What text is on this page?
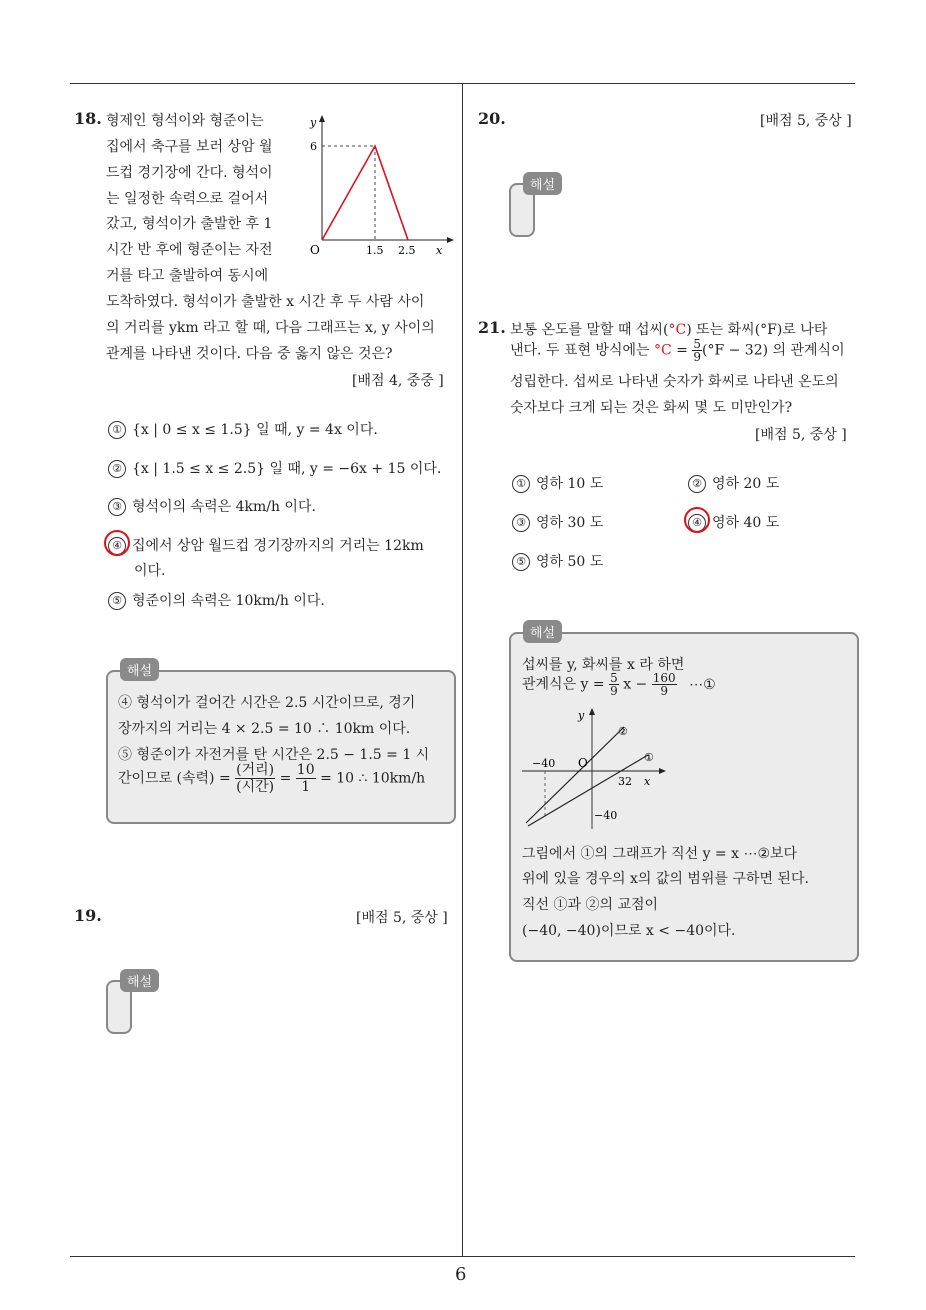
18. 형제인 형석이와 형준이는
집에서 축구를 보러 상암 월
드컵 경기장에 간다. 형석이
는 일정한 속력으로 걸어서
갔고, 형석이가 출발한 후 1
시간 반 후에 형준이는 자전
거를 타고 출발하여 동시에
도착하였다. 형석이가 출발한 x 시간 후 두 사람 사이
의 거리를 ykm 라고 할 때, 다음 그래프는 x, y 사이의
관계를 나타낸 것이다. 다음 중 옳지 않은 것은?
[배점 4, 중중 ]
y
6
O	1.5 2.5 x
① {x | 0 ≤ x ≤ 1.5} 일 때, y = 4x 이다.
② {x | 1.5 ≤ x ≤ 2.5} 일 때, y = −6x + 15 이다.
③ 형석이의 속력은 4km/h 이다.
④ 집에서 상암 월드컵 경기장까지의 거리는 12km
이다.
⑤ 형준이의 속력은 10km/h 이다.
해설
④ 형석이가 걸어간 시간은 2.5 시간이므로, 경기
장까지의 거리는 4 × 2.5 = 10 ∴ 10km 이다.
⑤ 형준이가 자전거를 탄 시간은 2.5 − 1.5 = 1 시
간이므로 (속력) = $\frac{\text{(거리)}}{\text{(시간)}} = \frac{10}{1} = 10$ ∴ 10km/h
19.	[배점 5, 중상 ]
해설
20.	[배점 5, 중상 ]
해설
21. 보통 온도를 말할 때 섭씨(°C) 또는 화씨(°F)로 나타
낸다. 두 표현 방식에는 $^\circ C = \frac{5}{9} (^\circ F - 32)$ 의 관계식이
성립한다. 섭씨로 나타낸 숫자가 화씨로 나타낸 온도의
숫자보다 크게 되는 것은 화씨 몇 도 미만인가?
[배점 5, 중상 ]
① 영하 10 도	② 영하 20 도
③ 영하 30 도	④ 영하 40 도
⑤ 영하 50 도
해설
섭씨를 y, 화씨를 x 라 하면
관계식은 $y = \frac{5}{9}$ $x - \frac{160}{9}$ ⋯①
y
②
①
−40 O
32 x
−40
그림에서 ①의 그래프가 직선 y = x ⋯②보다
위에 있을 경우의 x의 값의 범위를 구하면 된다.
직선 ①과 ②의 교점이
(−40, −40)이므로 x < −40이다.
6
